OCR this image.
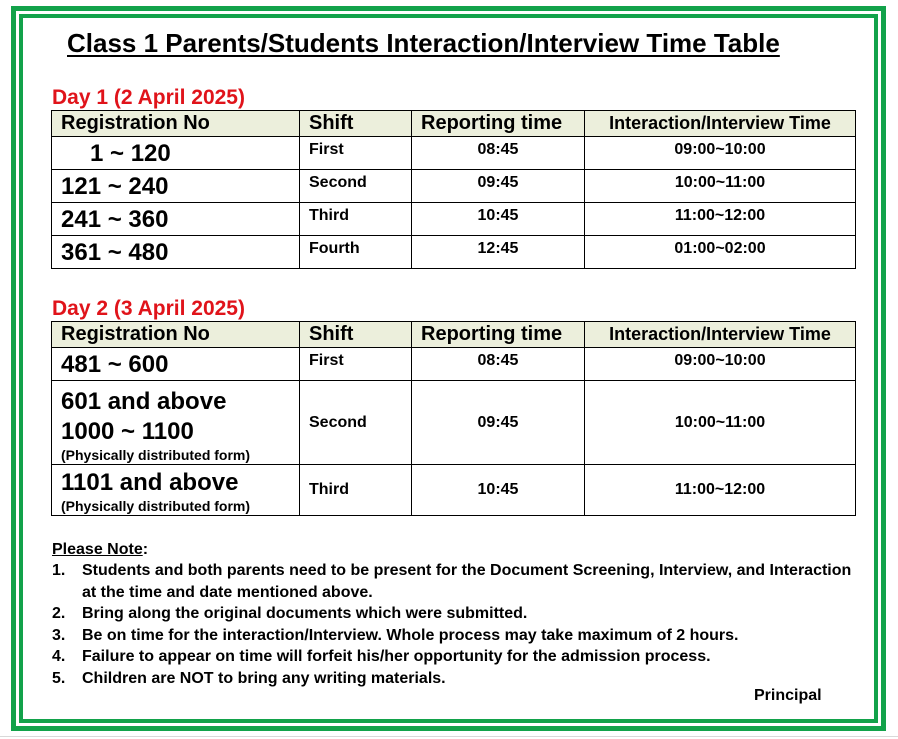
Class 1 Parents/Students Interaction/Interview Time Table
Day 1 (2 April 2025)
Registration No	Shift	Reporting time	Interaction/Interview Time

1 ~ 120	First	08:45	09:00~10:00

121 ~ 240	Second	09:45	10:00~11:00

241 ~ 360	Third	10:45	11:00~12:00

361 ~ 480	Fourth	12:45	01:00~02:00
Day 2 (3 April 2025)
Registration No	Shift	Reporting time	Interaction/Interview Time

481 ~ 600	First	08:45	09:00~10:00

601 and above
1000 ~ 1100
(Physically distributed form)	Second	09:45	10:00~11:00

1101 and above
(Physically distributed form)	Third	10:45	11:00~12:00
Please Note:
1.	Students and both parents need to be present for the Document Screening, Interview, and Interaction at the time and date mentioned above.
2.	Bring along the original documents which were submitted.
3.	Be on time for the interaction/Interview. Whole process may take maximum of 2 hours.
4.	Failure to appear on time will forfeit his/her opportunity for the admission process.
5.	Children are NOT to bring any writing materials.
Principal
